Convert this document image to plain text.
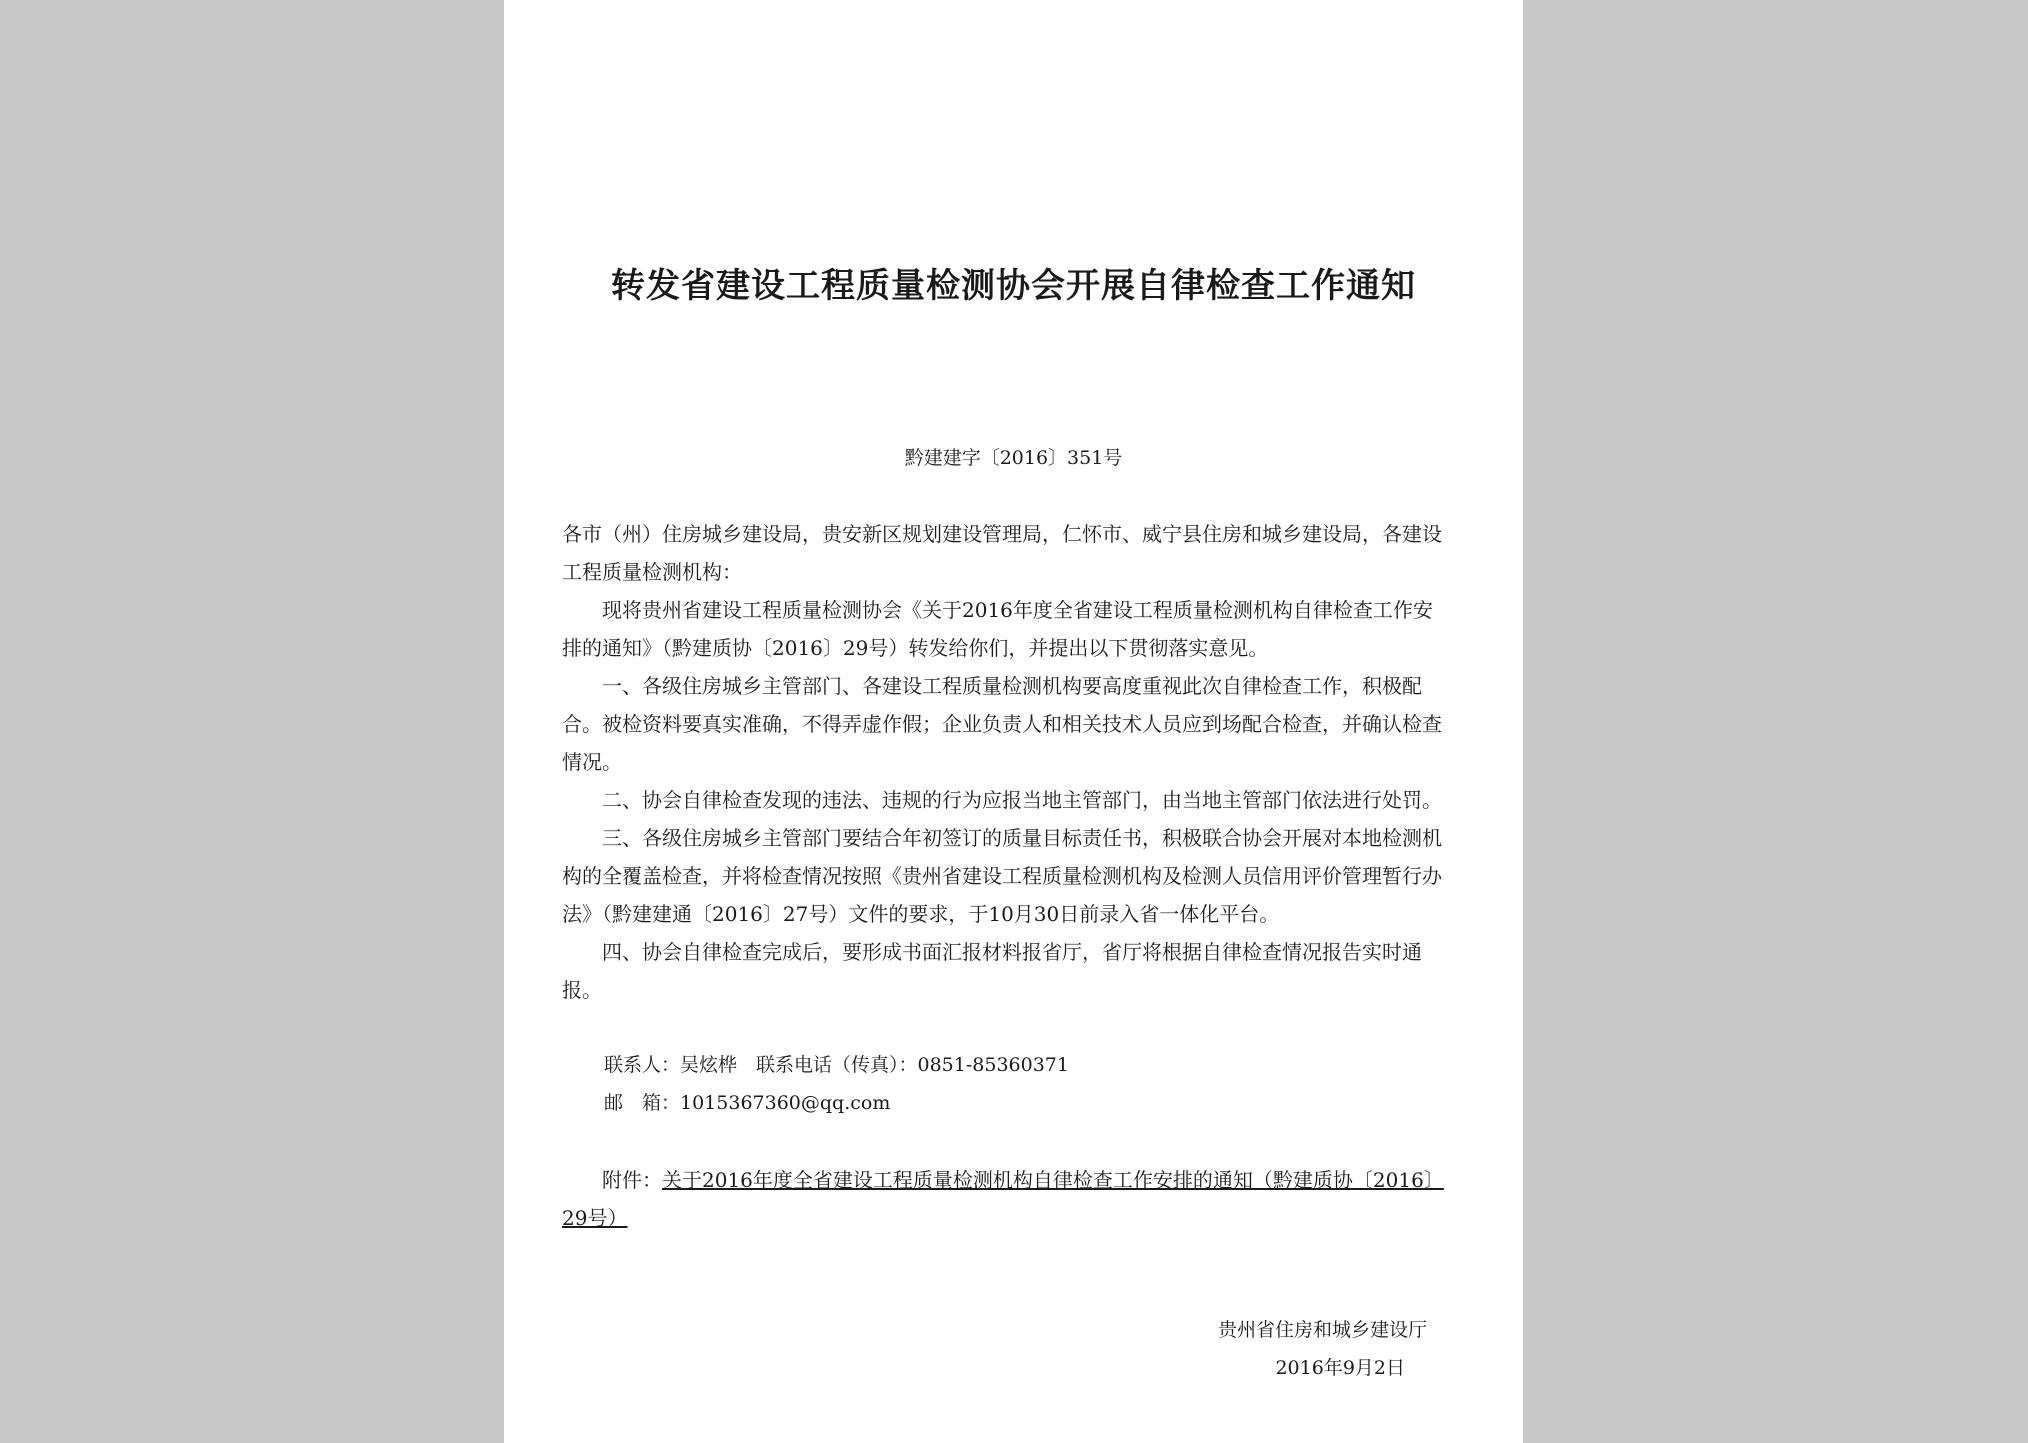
转发省建设工程质量检测协会开展自律检查工作通知
黔建建字〔2016〕351号

各市（州）住房城乡建设局，贵安新区规划建设管理局，仁怀市、威宁县住房和城乡建设局，各建设工程质量检测机构：

现将贵州省建设工程质量检测协会《关于2016年度全省建设工程质量检测机构自律检查工作安排的通知》（黔建质协〔2016〕29号）转发给你们，并提出以下贯彻落实意见。

一、各级住房城乡主管部门、各建设工程质量检测机构要高度重视此次自律检查工作，积极配合。被检资料要真实准确，不得弄虚作假；企业负责人和相关技术人员应到场配合检查，并确认检查情况。

二、协会自律检查发现的违法、违规的行为应报当地主管部门，由当地主管部门依法进行处罚。

三、各级住房城乡主管部门要结合年初签订的质量目标责任书，积极联合协会开展对本地检测机构的全覆盖检查，并将检查情况按照《贵州省建设工程质量检测机构及检测人员信用评价管理暂行办法》（黔建建通〔2016〕27号）文件的要求，于10月30日前录入省一体化平台。

四、协会自律检查完成后，要形成书面汇报材料报省厅，省厅将根据自律检查情况报告实时通报。

联系人：吴炫桦　联系电话（传真）：0851-85360371
邮　箱：1015367360@qq.com
附件：关于2016年度全省建设工程质量检测机构自律检查工作安排的通知（黔建质协〔2016〕29号）
贵州省住房和城乡建设厅
2016年9月2日
